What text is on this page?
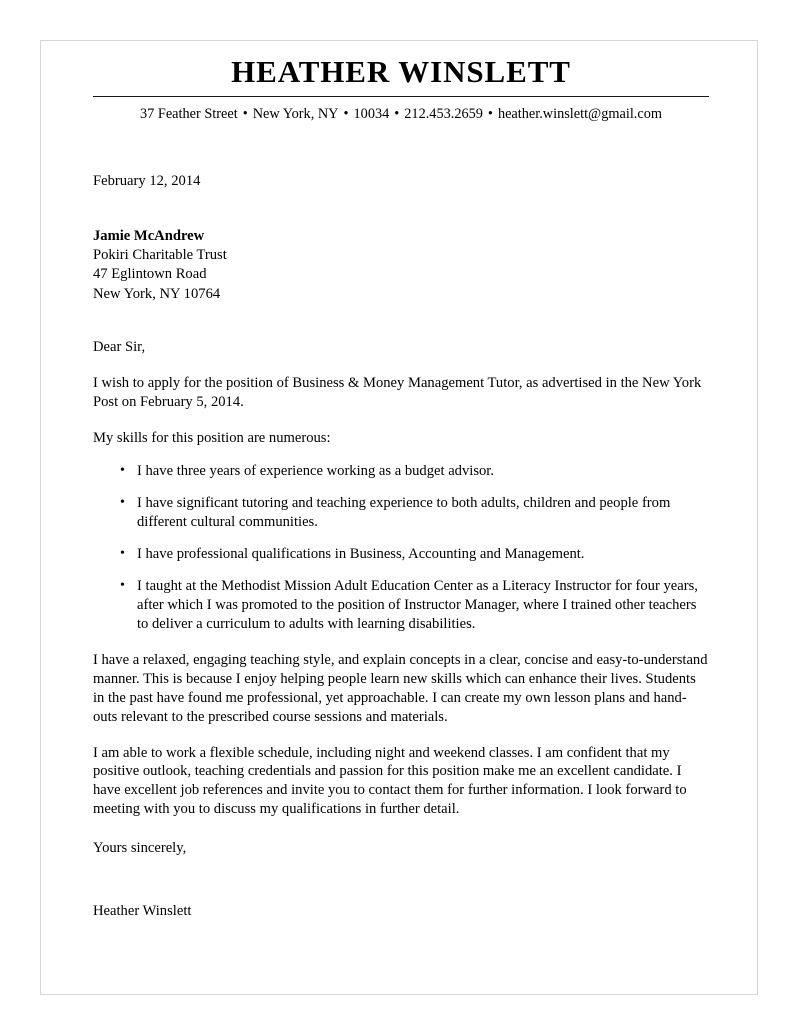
HEATHER WINSLETT
37 Feather Street • New York, NY • 10034 • 212.453.2659 • heather.winslett@gmail.com
February 12, 2014
Jamie McAndrew
Pokiri Charitable Trust
47 Eglintown Road
New York, NY 10764
Dear Sir,

I wish to apply for the position of Business & Money Management Tutor, as advertised in the New York Post on February 5, 2014.

My skills for this position are numerous:

• I have three years of experience working as a budget advisor.
• I have significant tutoring and teaching experience to both adults, children and people from different cultural communities.
• I have professional qualifications in Business, Accounting and Management.
• I taught at the Methodist Mission Adult Education Center as a Literacy Instructor for four years, after which I was promoted to the position of Instructor Manager, where I trained other teachers to deliver a curriculum to adults with learning disabilities.

I have a relaxed, engaging teaching style, and explain concepts in a clear, concise and easy-to-understand manner. This is because I enjoy helping people learn new skills which can enhance their lives. Students in the past have found me professional, yet approachable. I can create my own lesson plans and hand-outs relevant to the prescribed course sessions and materials.

I am able to work a flexible schedule, including night and weekend classes. I am confident that my positive outlook, teaching credentials and passion for this position make me an excellent candidate. I have excellent job references and invite you to contact them for further information. I look forward to meeting with you to discuss my qualifications in further detail.

Yours sincerely,
Heather Winslett
